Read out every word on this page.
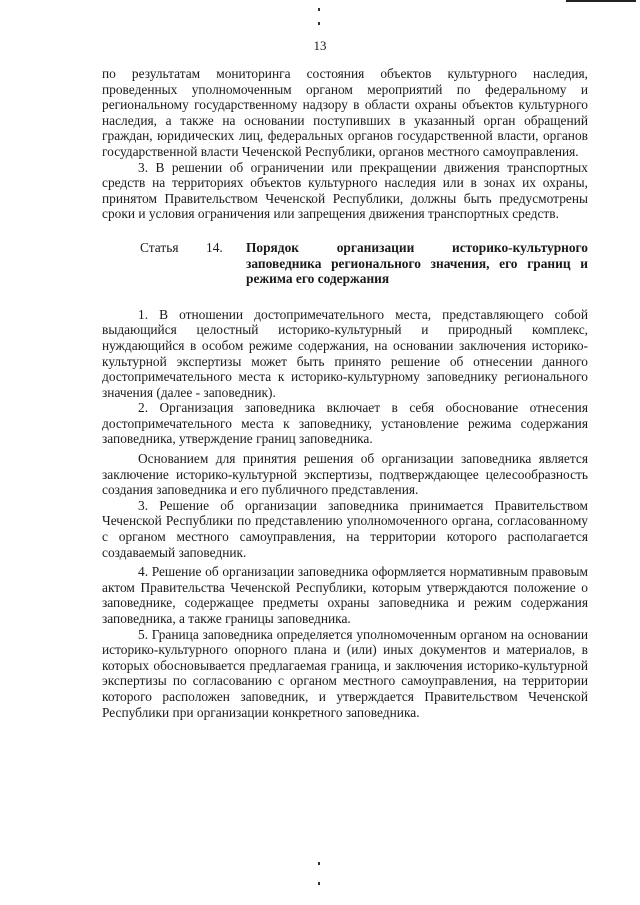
13

по результатам мониторинга состояния объектов культурного наследия, проведенных уполномоченным органом мероприятий по федеральному и региональному государственному надзору в области охраны объектов культурного наследия, а также на основании поступивших в указанный орган обращений граждан, юридических лиц, федеральных органов государственной власти, органов государственной власти Чеченской Республики, органов местного самоуправления.

3. В решении об ограничении или прекращении движения транспортных средств на территориях объектов культурного наследия или в зонах их охраны, принятом Правительством Чеченской Республики, должны быть предусмотрены сроки и условия ограничения или запрещения движения транспортных средств.

Статья	14.	Порядок организации историко-культурного заповедника регионального значения, его границ и режима его содержания

1. В отношении достопримечательного места, представляющего собой выдающийся целостный историко-культурный и природный комплекс, нуждающийся в особом режиме содержания, на основании заключения историко-культурной экспертизы может быть принято решение об отнесении данного достопримечательного места к историко-культурному заповеднику регионального значения (далее - заповедник).

2. Организация заповедника включает в себя обоснование отнесения достопримечательного места к заповеднику, установление режима содержания заповедника, утверждение границ заповедника.

Основанием для принятия решения об организации заповедника является заключение историко-культурной экспертизы, подтверждающее целесообразность создания заповедника и его публичного представления.

3. Решение об организации заповедника принимается Правительством Чеченской Республики по представлению уполномоченного органа, согласованному с органом местного самоуправления, на территории которого располагается создаваемый заповедник.

4. Решение об организации заповедника оформляется нормативным правовым актом Правительства Чеченской Республики, которым утверждаются положение о заповеднике, содержащее предметы охраны заповедника и режим содержания заповедника, а также границы заповедника.

5. Граница заповедника определяется уполномоченным органом на основании историко-культурного опорного плана и (или) иных документов и материалов, в которых обосновывается предлагаемая граница, и заключения историко-культурной экспертизы по согласованию с органом местного самоуправления, на территории которого расположен заповедник, и утверждается Правительством Чеченской Республики при организации конкретного заповедника.
